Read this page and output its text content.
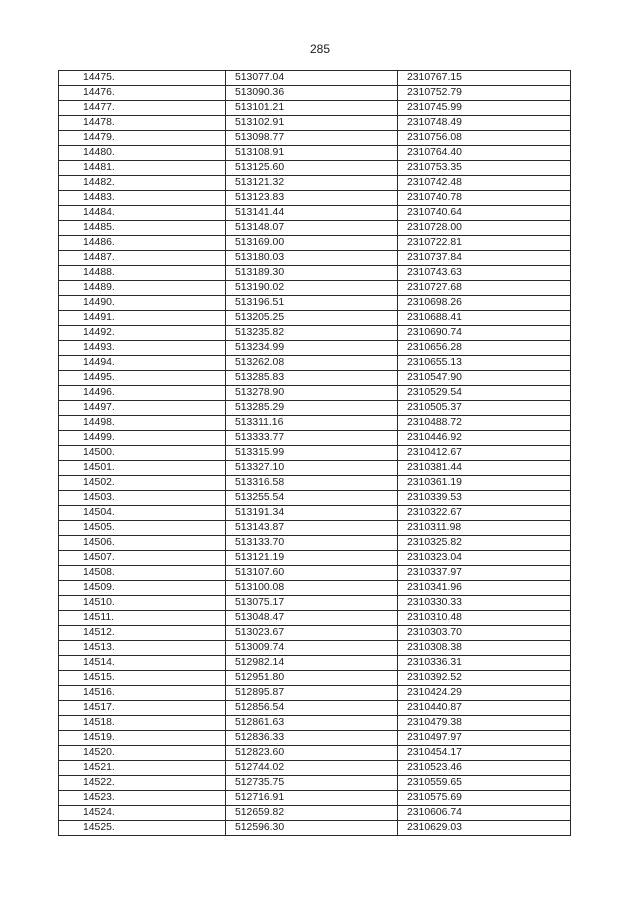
285
14475.	513077.04	2310767.15
14476.	513090.36	2310752.79
14477.	513101.21	2310745.99
14478.	513102.91	2310748.49
14479.	513098.77	2310756.08
14480.	513108.91	2310764.40
14481.	513125.60	2310753.35
14482.	513121.32	2310742.48
14483.	513123.83	2310740.78
14484.	513141.44	2310740.64
14485.	513148.07	2310728.00
14486.	513169.00	2310722.81
14487.	513180.03	2310737.84
14488.	513189.30	2310743.63
14489.	513190.02	2310727.68
14490.	513196.51	2310698.26
14491.	513205.25	2310688.41
14492.	513235.82	2310690.74
14493.	513234.99	2310656.28
14494.	513262.08	2310655.13
14495.	513285.83	2310547.90
14496.	513278.90	2310529.54
14497.	513285.29	2310505.37
14498.	513311.16	2310488.72
14499.	513333.77	2310446.92
14500.	513315.99	2310412.67
14501.	513327.10	2310381.44
14502.	513316.58	2310361.19
14503.	513255.54	2310339.53
14504.	513191.34	2310322.67
14505.	513143.87	2310311.98
14506.	513133.70	2310325.82
14507.	513121.19	2310323.04
14508.	513107.60	2310337.97
14509.	513100.08	2310341.96
14510.	513075.17	2310330.33
14511.	513048.47	2310310.48
14512.	513023.67	2310303.70
14513.	513009.74	2310308.38
14514.	512982.14	2310336.31
14515.	512951.80	2310392.52
14516.	512895.87	2310424.29
14517.	512856.54	2310440.87
14518.	512861.63	2310479.38
14519.	512836.33	2310497.97
14520.	512823.60	2310454.17
14521.	512744.02	2310523.46
14522.	512735.75	2310559.65
14523.	512716.91	2310575.69
14524.	512659.82	2310606.74
14525.	512596.30	2310629.03
